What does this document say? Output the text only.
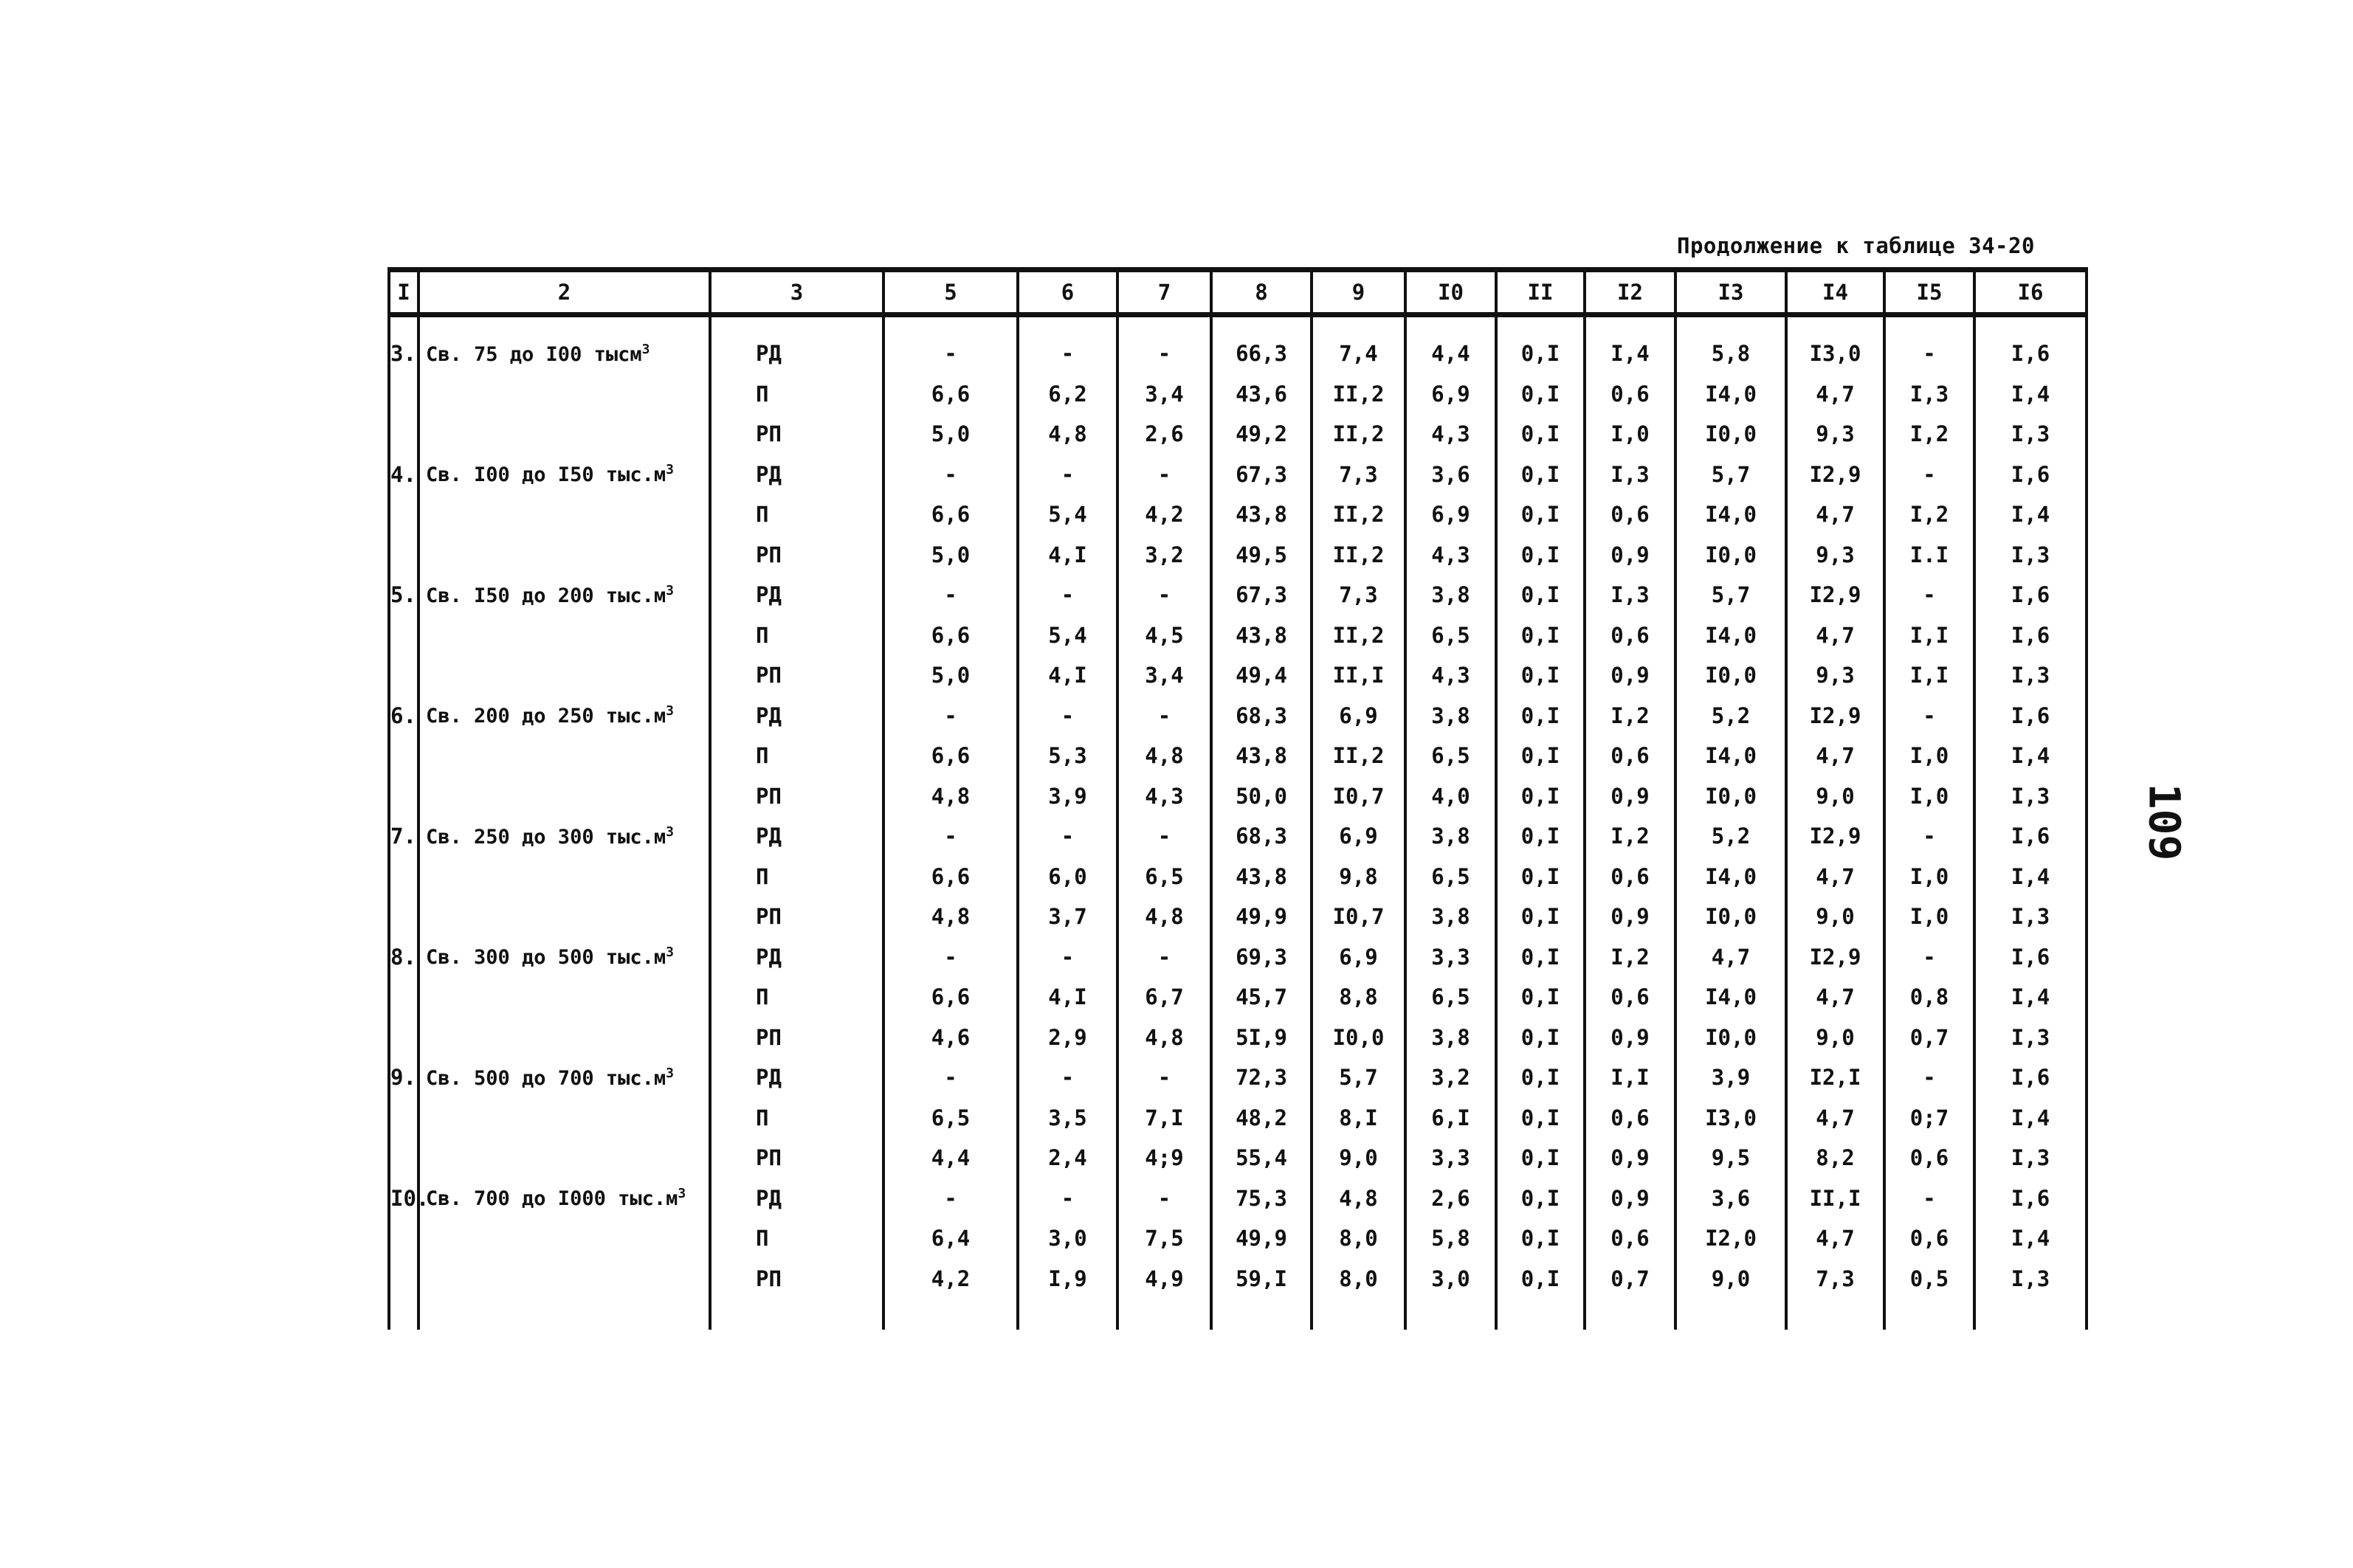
Продолжение к таблице 34-20
I	2	3	5	6	7	8	9	I0	II	I2	I3	I4	I5	I6

3.	Св. 75 до I00 тысм$^3$	РД	-	-	-	66,3	7,4	4,4	0,I	I,4	5,8	I3,0	-	I,6
		П	6,6	6,2	3,4	43,6	II,2	6,9	0,I	0,6	I4,0	4,7	I,3	I,4
		РП	5,0	4,8	2,6	49,2	II,2	4,3	0,I	I,0	I0,0	9,3	I,2	I,3
4.	Св. I00 до I50 $тыс.м^3$	РД	-	-	-	67,3	7,3	3,6	0,I	I,3	5,7	I2,9	-	I,6
		П	6,6	5,4	4,2	43,8	II,2	6,9	0,I	0,6	I4,0	4,7	I,2	I,4
		РП	5,0	4,I	3,2	49,5	II,2	4,3	0,I	0,9	I0,0	9,3	I.I	I,3
5.	Св. I50 до 200 $тыс.м^3$	РД	-	-	-	67,3	7,3	3,8	0,I	I,3	5,7	I2,9	-	I,6
		П	6,6	5,4	4,5	43,8	II,2	6,5	0,I	0,6	I4,0	4,7	I,I	I,6
		РП	5,0	4,I	3,4	49,4	II,I	4,3	0,I	0,9	I0,0	9,3	I,I	I,3
6.	Св. 200 до 250 $тыс.м^3$	РД	-	-	-	68,3	6,9	3,8	0,I	I,2	5,2	I2,9	-	I,6
		П	6,6	5,3	4,8	43,8	II,2	6,5	0,I	0,6	I4,0	4,7	I,0	I,4
		РП	4,8	3,9	4,3	50,0	I0,7	4,0	0,I	0,9	I0,0	9,0	I,0	I,3
7.	Св. 250 до 300 $тыс.м^3$	РД	-	-	-	68,3	6,9	3,8	0,I	I,2	5,2	I2,9	-	I,6
		П	6,6	6,0	6,5	43,8	9,8	6,5	0,I	0,6	I4,0	4,7	I,0	I,4
		РП	4,8	3,7	4,8	49,9	I0,7	3,8	0,I	0,9	I0,0	9,0	I,0	I,3
8.	Св. 300 до 500 $тыс.м^3$	РД	-	-	-	69,3	6,9	3,3	0,I	I,2	4,7	I2,9	-	I,6
		П	6,6	4,I	6,7	45,7	8,8	6,5	0,I	0,6	I4,0	4,7	0,8	I,4
		РП	4,6	2,9	4,8	5I,9	I0,0	3,8	0,I	0,9	I0,0	9,0	0,7	I,3
9.	Св. 500 до 700 $тыс.м^3$	РД	-	-	-	72,3	5,7	3,2	0,I	I,I	3,9	I2,I	-	I,6
		П	6,5	3,5	7,I	48,2	8,I	6,I	0,I	0,6	I3,0	4,7	0;7	I,4
		РП	4,4	2,4	4;9	55,4	9,0	3,3	0,I	0,9	9,5	8,2	0,6	I,3
I0.	Св. 700 до I000 $тыс.м^3$	РД	-	-	-	75,3	4,8	2,6	0,I	0,9	3,6	II,I	-	I,6
		П	6,4	3,0	7,5	49,9	8,0	5,8	0,I	0,6	I2,0	4,7	0,6	I,4
		РП	4,2	I,9	4,9	59,I	8,0	3,0	0,I	0,7	9,0	7,3	0,5	I,3

109
